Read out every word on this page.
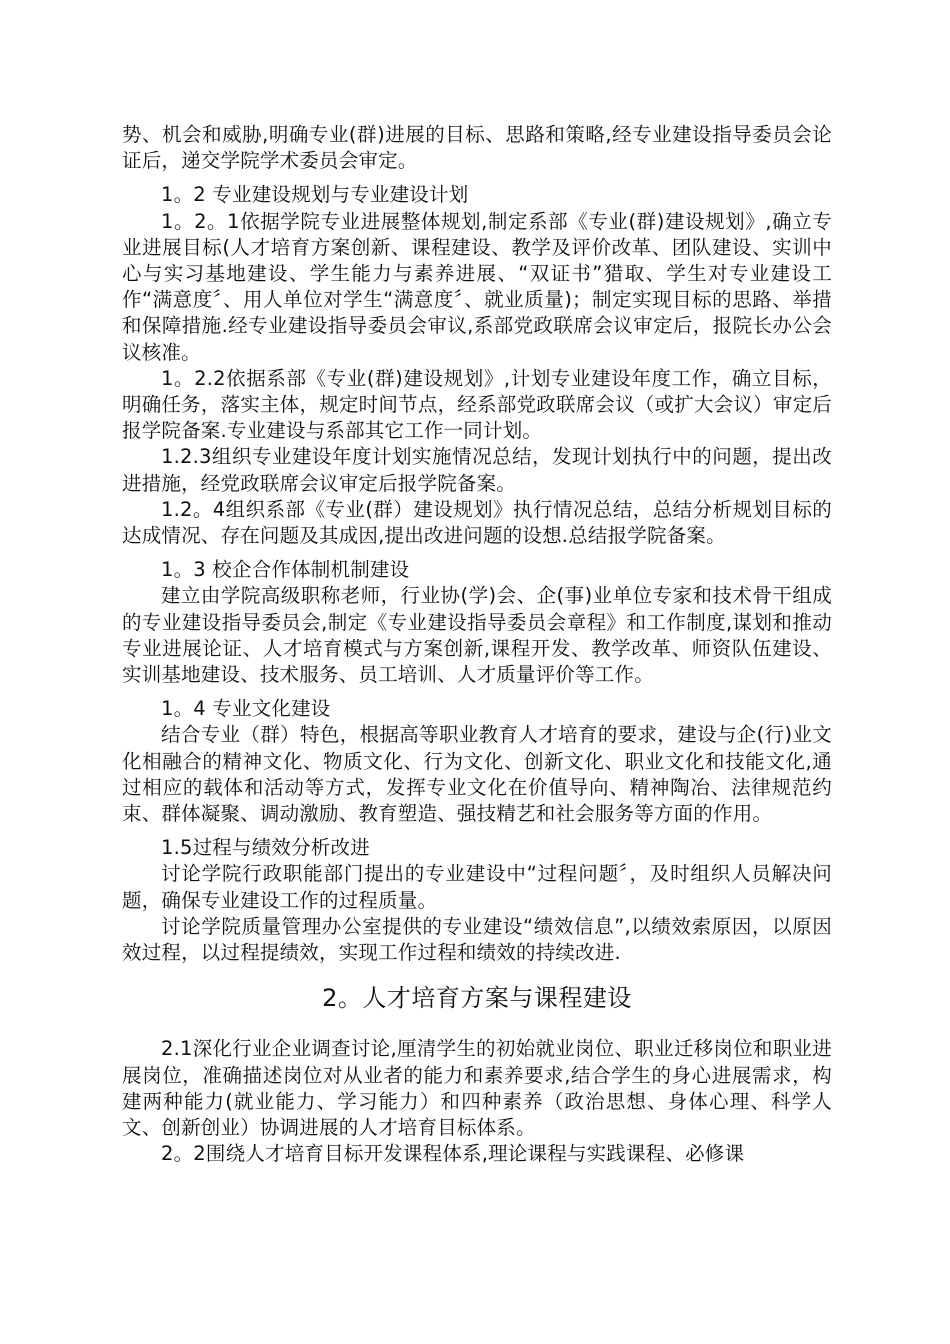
势、机会和威胁,明确专业(群)进展的目标、思路和策略,经专业建设指导委员会论证后，递交学院学术委员会审定。

1。2 专业建设规划与专业建设计划

1。2。1依据学院专业进展整体规划,制定系部《专业(群)建设规划》,确立专业进展目标(人才培育方案创新、课程建设、教学及评价改革、团队建设、实训中心与实习基地建设、学生能力与素养进展、“双证书”猎取、学生对专业建设工作“满意度〞、用人单位对学生“满意度〞、就业质量)；制定实现目标的思路、举措和保障措施.经专业建设指导委员会审议,系部党政联席会议审定后，报院长办公会议核准。

1。2.2依据系部《专业(群)建设规划》,计划专业建设年度工作，确立目标，明确任务，落实主体，规定时间节点，经系部党政联席会议（或扩大会议）审定后报学院备案.专业建设与系部其它工作一同计划。

1.2.3组织专业建设年度计划实施情况总结，发现计划执行中的问题，提出改进措施，经党政联席会议审定后报学院备案。

1.2。4组织系部《专业(群）建设规划》执行情况总结，总结分析规划目标的达成情况、存在问题及其成因,提出改进问题的设想.总结报学院备案。

1。3 校企合作体制机制建设

建立由学院高级职称老师，行业协(学)会、企(事)业单位专家和技术骨干组成的专业建设指导委员会,制定《专业建设指导委员会章程》和工作制度,谋划和推动专业进展论证、人才培育模式与方案创新,课程开发、教学改革、师资队伍建设、实训基地建设、技术服务、员工培训、人才质量评价等工作。

1。4 专业文化建设

结合专业（群）特色，根据高等职业教育人才培育的要求，建设与企(行)业文化相融合的精神文化、物质文化、行为文化、创新文化、职业文化和技能文化,通过相应的载体和活动等方式，发挥专业文化在价值导向、精神陶冶、法律规范约束、群体凝聚、调动激励、教育塑造、强技精艺和社会服务等方面的作用。

1.5过程与绩效分析改进

讨论学院行政职能部门提出的专业建设中“过程问题〞，及时组织人员解决问题，确保专业建设工作的过程质量。

讨论学院质量管理办公室提供的专业建设“绩效信息”,以绩效索原因，以原因效过程，以过程提绩效，实现工作过程和绩效的持续改进.

2。人才培育方案与课程建设

2.1深化行业企业调查讨论,厘清学生的初始就业岗位、职业迁移岗位和职业进展岗位，准确描述岗位对从业者的能力和素养要求,结合学生的身心进展需求，构建两种能力(就业能力、学习能力）和四种素养（政治思想、身体心理、科学人文、创新创业）协调进展的人才培育目标体系。

2。2围绕人才培育目标开发课程体系,理论课程与实践课程、必修课
